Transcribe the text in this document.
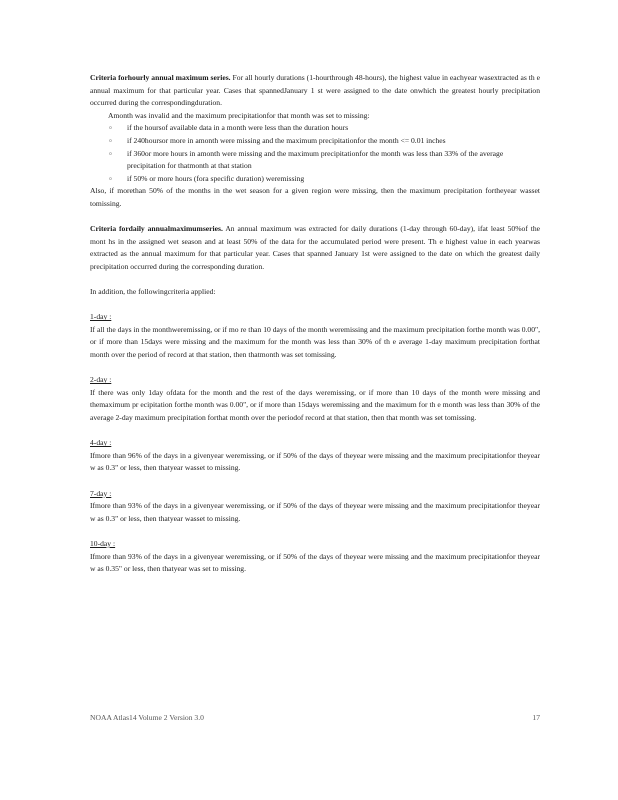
Criteria forhourly annual maximum series. For all hourly durations (1-hourthrough 48-hours), the highest value in eachyear wasextracted as th e annual maximum for that particular year. Cases that spannedJanuary 1 st were assigned to the date onwhich the greatest hourly precipitation occurred during the correspondingduration.

Amonth was invalid and the maximum precipitationfor that month was set to missing:

▫ if the hoursof available data in a month were less than the duration hours
▫ if 240hoursor more in amonth were missing and the maximum precipitationfor the month <= 0.01 inches
▫ if 360or more hours in amonth were missing and the maximum precipitationfor the month was less than 33% of the average precipitation for thatmonth at that station
▫ if 50% or more hours (fora specific duration) weremissing

Also, if morethan 50% of the months in the wet season for a given region were missing, then the maximum precipitation fortheyear wasset tomissing.

Criteria fordaily annualmaximumseries. An annual maximum was extracted for daily durations (1-day through 60-day), ifat least 50%of the mont hs in the assigned wet season and at least 50% of the data for the accumulated period were present. Th e highest value in each yearwas extracted as the annual maximum for that particular year. Cases that spanned January 1st were assigned to the date on which the greatest daily precipitation occurred during the corresponding duration.

In addition, the followingcriteria applied:

1-day :

If all the days in the monthweremissing, or if mo re than 10 days of the month weremissing and the maximum precipitation forthe month was 0.00", or if more than 15days were missing and the maximum for the month was less than 30% of th e average 1-day maximum precipitation forthat month over the period of record at that station, then thatmonth was set tomissing.

2-day :

If there was only 1day ofdata for the month and the rest of the days weremissing, or if more than 10 days of the month were missing and themaximum pr ecipitation forthe month was 0.00", or if more than 15days weremissing and the maximum for th e month was less than 30% of the average 2-day maximum precipitation forthat month over the periodof record at that station, then that month was set tomissing.

4-day :

Ifmore than 96% of the days in a givenyear weremissing, or if 50% of the days of theyear were missing and the maximum precipitationfor theyear w as 0.3" or less, then thatyear wasset to missing.

7-day :

Ifmore than 93% of the days in a givenyear weremissing, or if 50% of the days of theyear were missing and the maximum precipitationfor theyear w as 0.3" or less, then thatyear wasset to missing.

10-day :

Ifmore than 93% of the days in a givenyear weremissing, or if 50% of the days of theyear were missing and the maximum precipitationfor theyear w as 0.35" or less, then thatyear was set to missing.

NOAA Atlas14 Volume 2 Version 3.0	17
